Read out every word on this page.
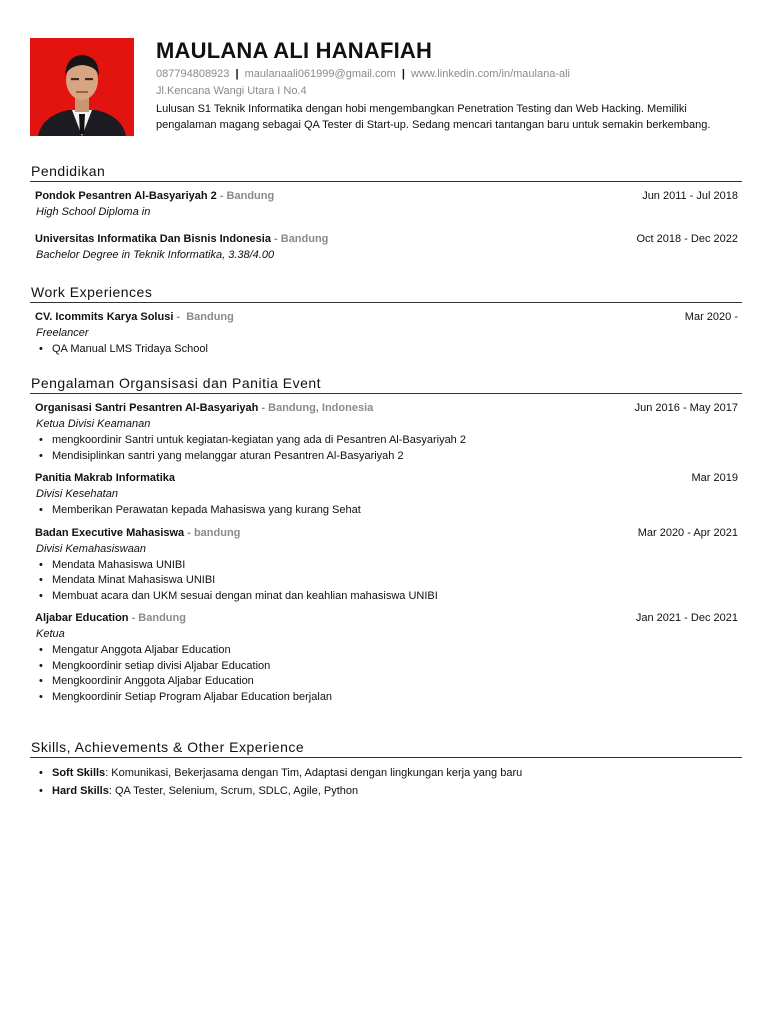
MAULANA ALI HANAFIAH
087794808923 | maulanaali061999@gmail.com | www.linkedin.com/in/maulana-ali
Jl.Kencana Wangi Utara I No.4
Lulusan S1 Teknik Informatika dengan hobi mengembangkan Penetration Testing dan Web Hacking. Memiliki pengalaman magang sebagai QA Tester di Start-up. Sedang mencari tantangan baru untuk semakin berkembang.
Pendidikan
Pondok Pesantren Al-Basyariyah 2 - Bandung	Jun 2011 - Jul 2018
High School Diploma in
Universitas Informatika Dan Bisnis Indonesia - Bandung	Oct 2018 - Dec 2022
Bachelor Degree in Teknik Informatika, 3.38/4.00
Work Experiences
CV. Icommits Karya Solusi -  Bandung	Mar 2020 -
Freelancer
• QA Manual LMS Tridaya School
Pengalaman Organsisasi dan Panitia Event
Organisasi Santri Pesantren Al-Basyariyah - Bandung, Indonesia	Jun 2016 - May 2017
Ketua Divisi Keamanan
• mengkoordinir Santri untuk kegiatan-kegiatan yang ada di Pesantren Al-Basyariyah 2
• Mendisiplinkan santri yang melanggar aturan Pesantren Al-Basyariyah 2
Panitia Makrab Informatika	Mar 2019
Divisi Kesehatan
• Memberikan Perawatan kepada Mahasiswa yang kurang Sehat
Badan Executive Mahasiswa - bandung	Mar 2020 - Apr 2021
Divisi Kemahasiswaan
• Mendata Mahasiswa UNIBI
• Mendata Minat Mahasiswa UNIBI
• Membuat acara dan UKM sesuai dengan minat dan keahlian mahasiswa UNIBI
Aljabar Education - Bandung	Jan 2021 - Dec 2021
Ketua
• Mengatur Anggota Aljabar Education
• Mengkoordinir setiap divisi Aljabar Education
• Mengkoordinir Anggota Aljabar Education
• Mengkoordinir Setiap Program Aljabar Education berjalan
Skills, Achievements & Other Experience
• Soft Skills: Komunikasi, Bekerjasama dengan Tim, Adaptasi dengan lingkungan kerja yang baru
• Hard Skills: QA Tester, Selenium, Scrum, SDLC, Agile, Python
